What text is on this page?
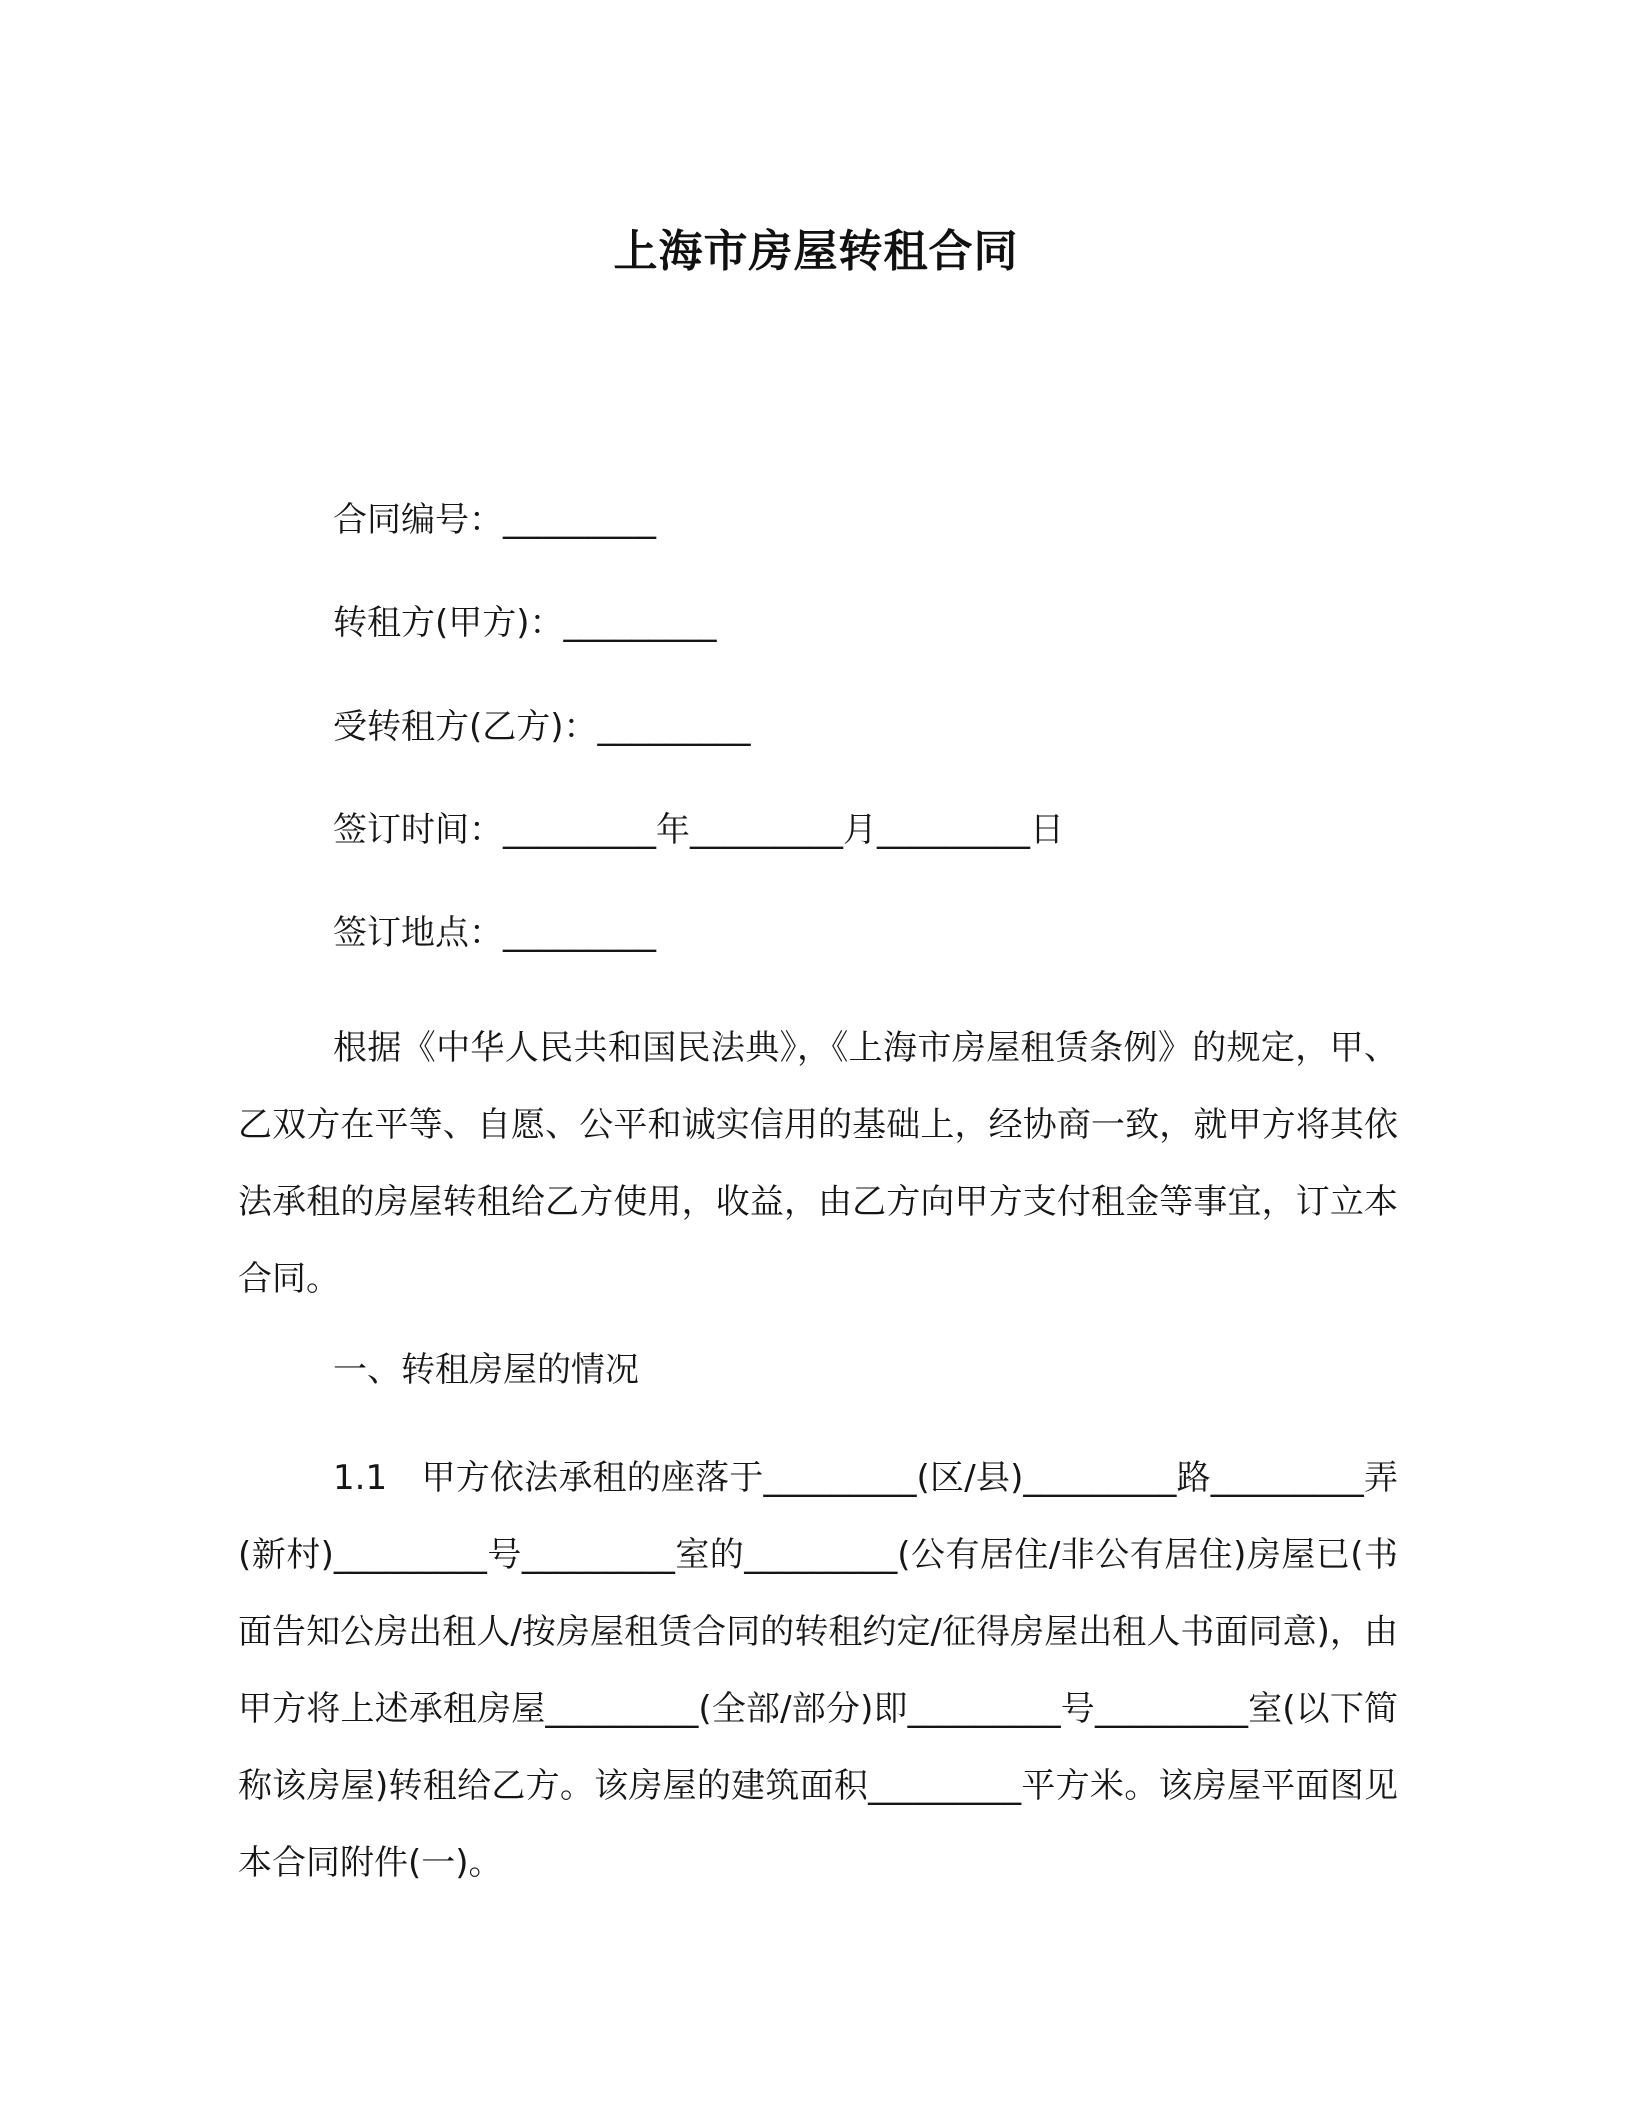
上海市房屋转租合同
合同编号：_________
转租方(甲方)：_________
受转租方(乙方)：_________
签订时间：_________年_________月_________日
签订地点：_________

根据《中华人民共和国民法典》，《上海市房屋租赁条例》的规定，甲、乙双方在平等、自愿、公平和诚实信用的基础上，经协商一致，就甲方将其依法承租的房屋转租给乙方使用，收益，由乙方向甲方支付租金等事宜，订立本合同。

一、转租房屋的情况

1.1　甲方依法承租的座落于_________(区/县)_________路_________弄(新村)_________号_________室的_________(公有居住/非公有居住)房屋已(书面告知公房出租人/按房屋租赁合同的转租约定/征得房屋出租人书面同意)，由甲方将上述承租房屋_________(全部/部分)即_________号_________室(以下简称该房屋)转租给乙方。该房屋的建筑面积_________平方米。该房屋平面图见本合同附件(一)。
